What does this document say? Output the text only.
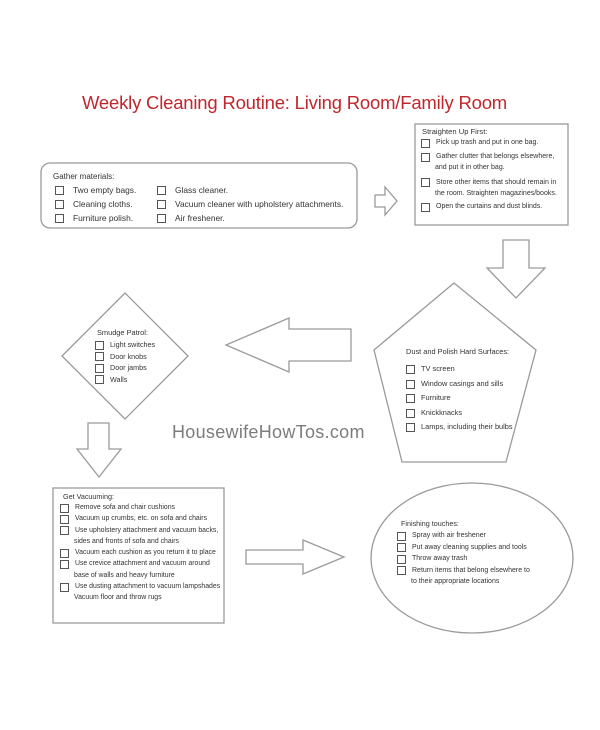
Weekly Cleaning Routine: Living Room/Family Room
Gather materials:
Two empty bags.
Cleaning cloths.
Furniture polish.
Glass cleaner.
Vacuum cleaner with upholstery attachments.
Air freshener.
Straighten Up First:
Pick up trash and put in one bag.
Gather clutter that belongs elsewhere,
and put it in other bag.
Store other items that should remain in
the room. Straighten magazines/books.
Open the curtains and dust blinds.
Dust and Polish Hard Surfaces:
TV screen
Window casings and sills
Furniture
Knickknacks
Lamps, including their bulbs
Smudge Patrol:
Light switches
Door knobs
Door jambs
Walls
HousewifeHowTos.com
Get Vacuuming:
Remove sofa and chair cushions
Vacuum up crumbs, etc. on sofa and chairs
Use upholstery attachment and vacuum backs,
sides and fronts of sofa and chairs
Vacuum each cushion as you return it to place
Use crevice attachment and vacuum around
base of walls and heavy furniture
Use dusting attachment to vacuum lampshades
Vacuum floor and throw rugs
Finishing touches:
Spray with air freshener
Put away cleaning supplies and tools
Throw away trash
Return items that belong elsewhere to
to their appropriate locations
